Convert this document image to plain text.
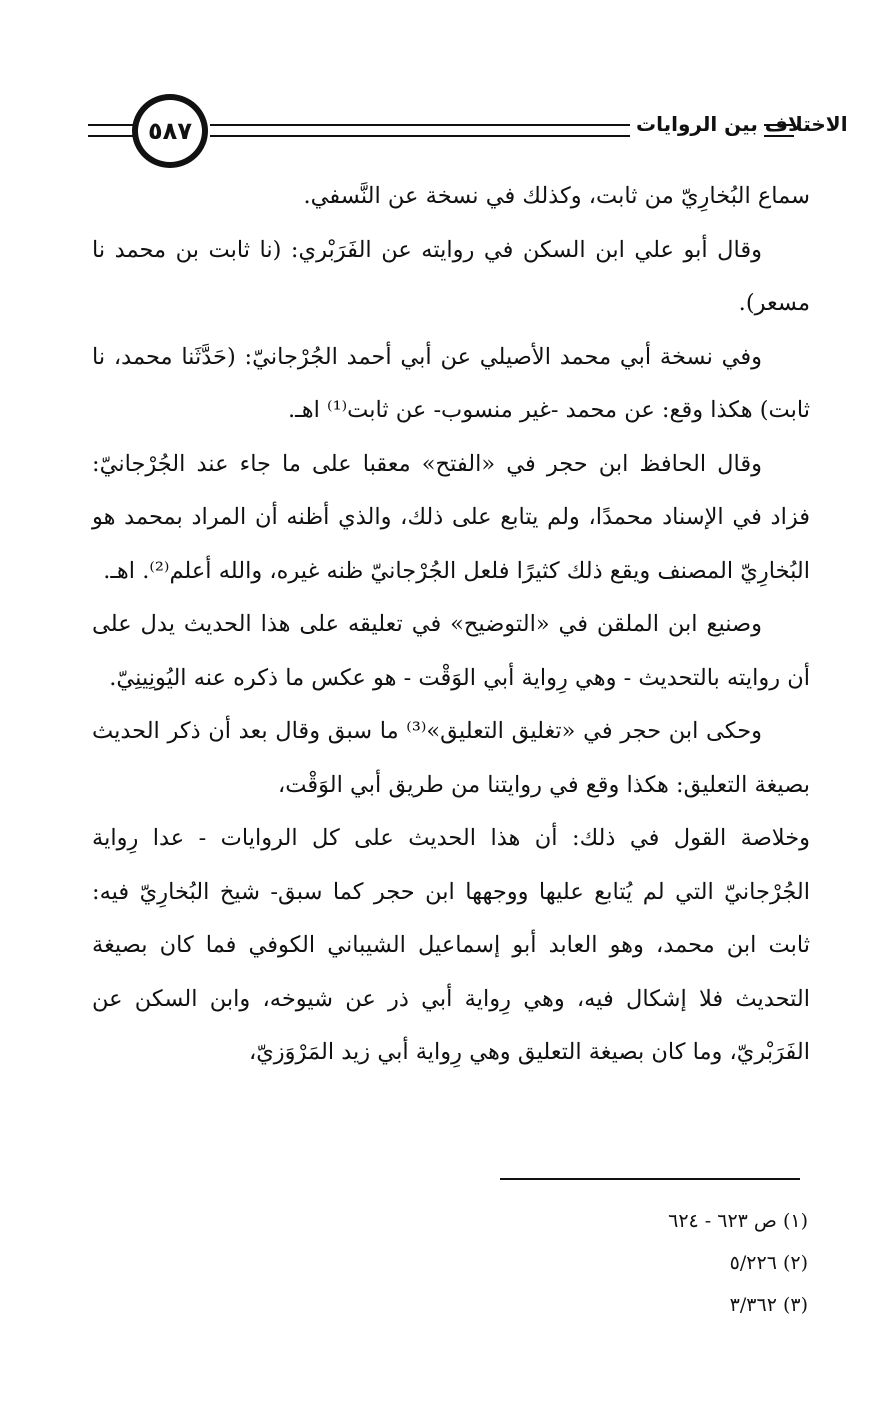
٥٨٧	الاختلاف بين الروايات

سماع البُخارِيّ من ثابت، وكذلك في نسخة عن النَّسفي.

وقال أبو علي ابن السكن في روايته عن الفَرَبْري: (نا ثابت بن محمد نا مسعر).

وفي نسخة أبي محمد الأصيلي عن أبي أحمد الجُرْجانيّ: (حَدَّثَنا محمد، نا ثابت) هكذا وقع: عن محمد -غير منسوب- عن ثابت⁽¹⁾ اهـ.

وقال الحافظ ابن حجر في «الفتح» معقبا على ما جاء عند الجُرْجانيّ: فزاد في الإسناد محمدًا، ولم يتابع على ذلك، والذي أظنه أن المراد بمحمد هو البُخارِيّ المصنف ويقع ذلك كثيرًا فلعل الجُرْجانيّ ظنه غيره، والله أعلم⁽²⁾. اهـ.

وصنيع ابن الملقن في «التوضيح» في تعليقه على هذا الحديث يدل على أن روايته بالتحديث - وهي رِواية أبي الوَقْت - هو عكس ما ذكره عنه اليُونِينِيّ.

وحكى ابن حجر في «تغليق التعليق»⁽³⁾ ما سبق وقال بعد أن ذكر الحديث بصيغة التعليق: هكذا وقع في روايتنا من طريق أبي الوَقْت،

وخلاصة القول في ذلك: أن هذا الحديث على كل الروايات - عدا رِواية الجُرْجانيّ التي لم يُتابع عليها ووجهها ابن حجر كما سبق- شيخ البُخارِيّ فيه: ثابت ابن محمد، وهو العابد أبو إسماعيل الشيباني الكوفي فما كان بصيغة التحديث فلا إشكال فيه، وهي رِواية أبي ذر عن شيوخه، وابن السكن عن الفَرَبْريّ، وما كان بصيغة التعليق وهي رِواية أبي زيد المَرْوَزيّ،

(١) ص ٦٢٣ - ٦٢٤
(٢) ٥/٢٢٦
(٣) ٣/٣٦٢
